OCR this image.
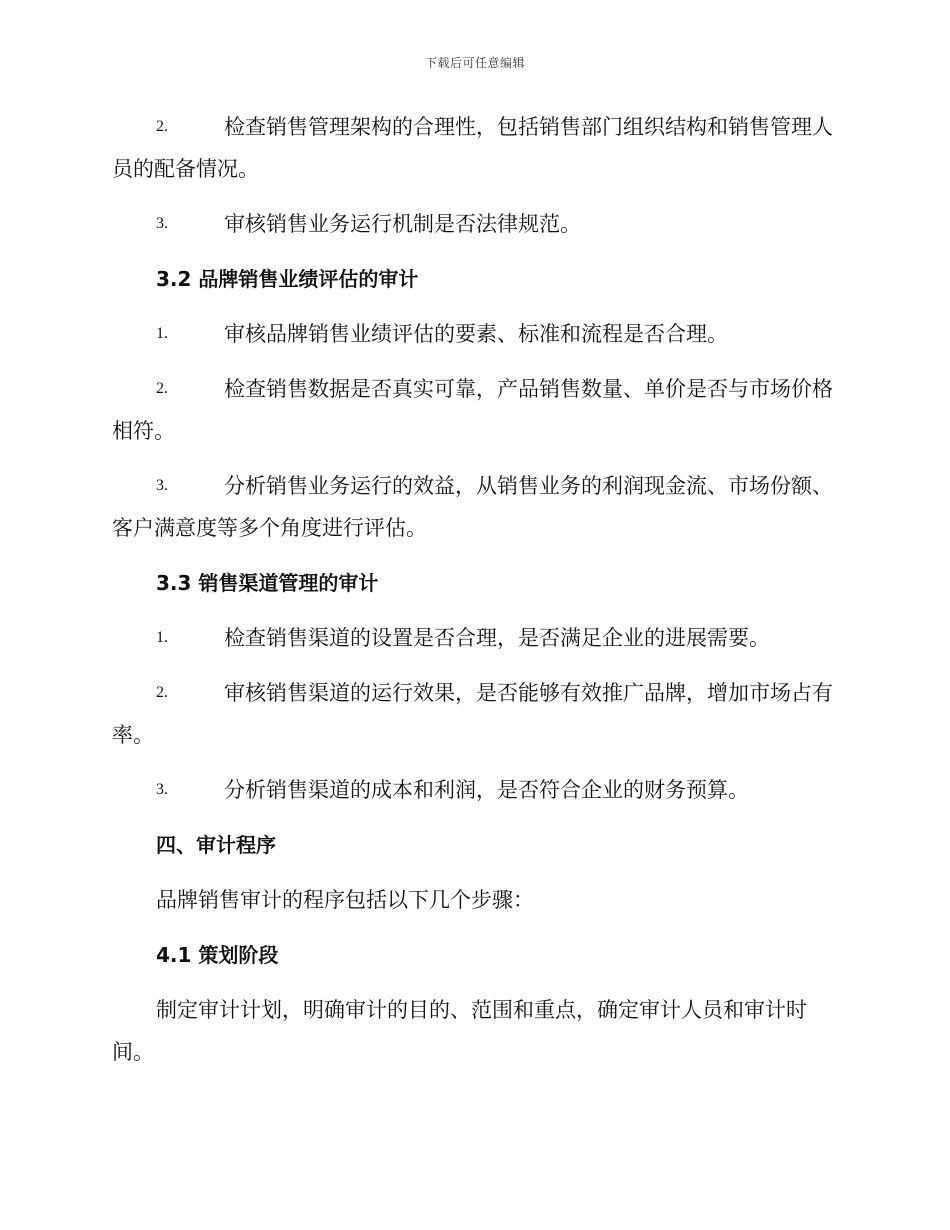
下载后可任意编辑
2.	检查销售管理架构的合理性，包括销售部门组织结构和销售管理人员的配备情况。
3.	审核销售业务运行机制是否法律规范。
3.2 品牌销售业绩评估的审计
1.	审核品牌销售业绩评估的要素、标准和流程是否合理。
2.	检查销售数据是否真实可靠，产品销售数量、单价是否与市场价格相符。
3.	分析销售业务运行的效益，从销售业务的利润现金流、市场份额、客户满意度等多个角度进行评估。
3.3 销售渠道管理的审计
1.	检查销售渠道的设置是否合理，是否满足企业的进展需要。
2.	审核销售渠道的运行效果，是否能够有效推广品牌，增加市场占有率。
3.	分析销售渠道的成本和利润，是否符合企业的财务预算。
四、审计程序
品牌销售审计的程序包括以下几个步骤：
4.1 策划阶段
制定审计计划，明确审计的目的、范围和重点，确定审计人员和审计时间。
